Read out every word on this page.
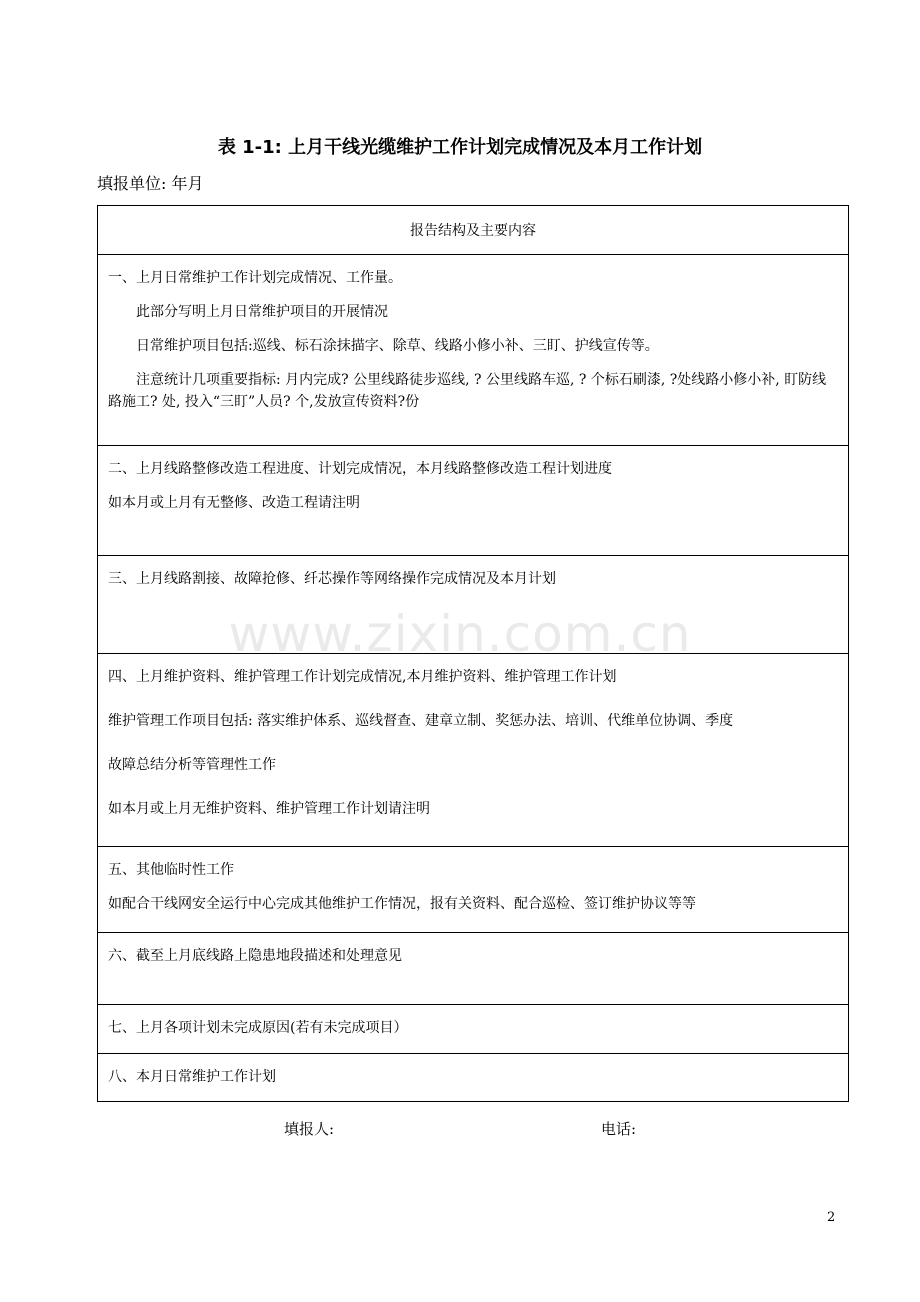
www.zixin.com.cn
表 1-1: 上月干线光缆维护工作计划完成情况及本月工作计划
填报单位: 年月
报告结构及主要内容

一、上月日常维护工作计划完成情况、工作量。
此部分写明上月日常维护项目的开展情况
日常维护项目包括:巡线、标石涂抹描字、除草、线路小修小补、三盯、护线宣传等。
注意统计几项重要指标: 月内完成? 公里线路徒步巡线, ? 公里线路车巡, ? 个标石刷漆, ?处线路小修小补, 盯防线路施工? 处, 投入“三盯”人员? 个,发放宣传资料?份

二、上月线路整修改造工程进度、计划完成情况，本月线路整修改造工程计划进度
如本月或上月有无整修、改造工程请注明

三、上月线路割接、故障抢修、纤芯操作等网络操作完成情况及本月计划

四、上月维护资料、维护管理工作计划完成情况,本月维护资料、维护管理工作计划
维护管理工作项目包括: 落实维护体系、巡线督查、建章立制、奖惩办法、培训、代维单位协调、季度
故障总结分析等管理性工作
如本月或上月无维护资料、维护管理工作计划请注明

五、其他临时性工作
如配合干线网安全运行中心完成其他维护工作情况，报有关资料、配合巡检、签订维护协议等等

六、截至上月底线路上隐患地段描述和处理意见

七、上月各项计划未完成原因(若有未完成项目）

八、本月日常维护工作计划
填报人:	电话:
2
